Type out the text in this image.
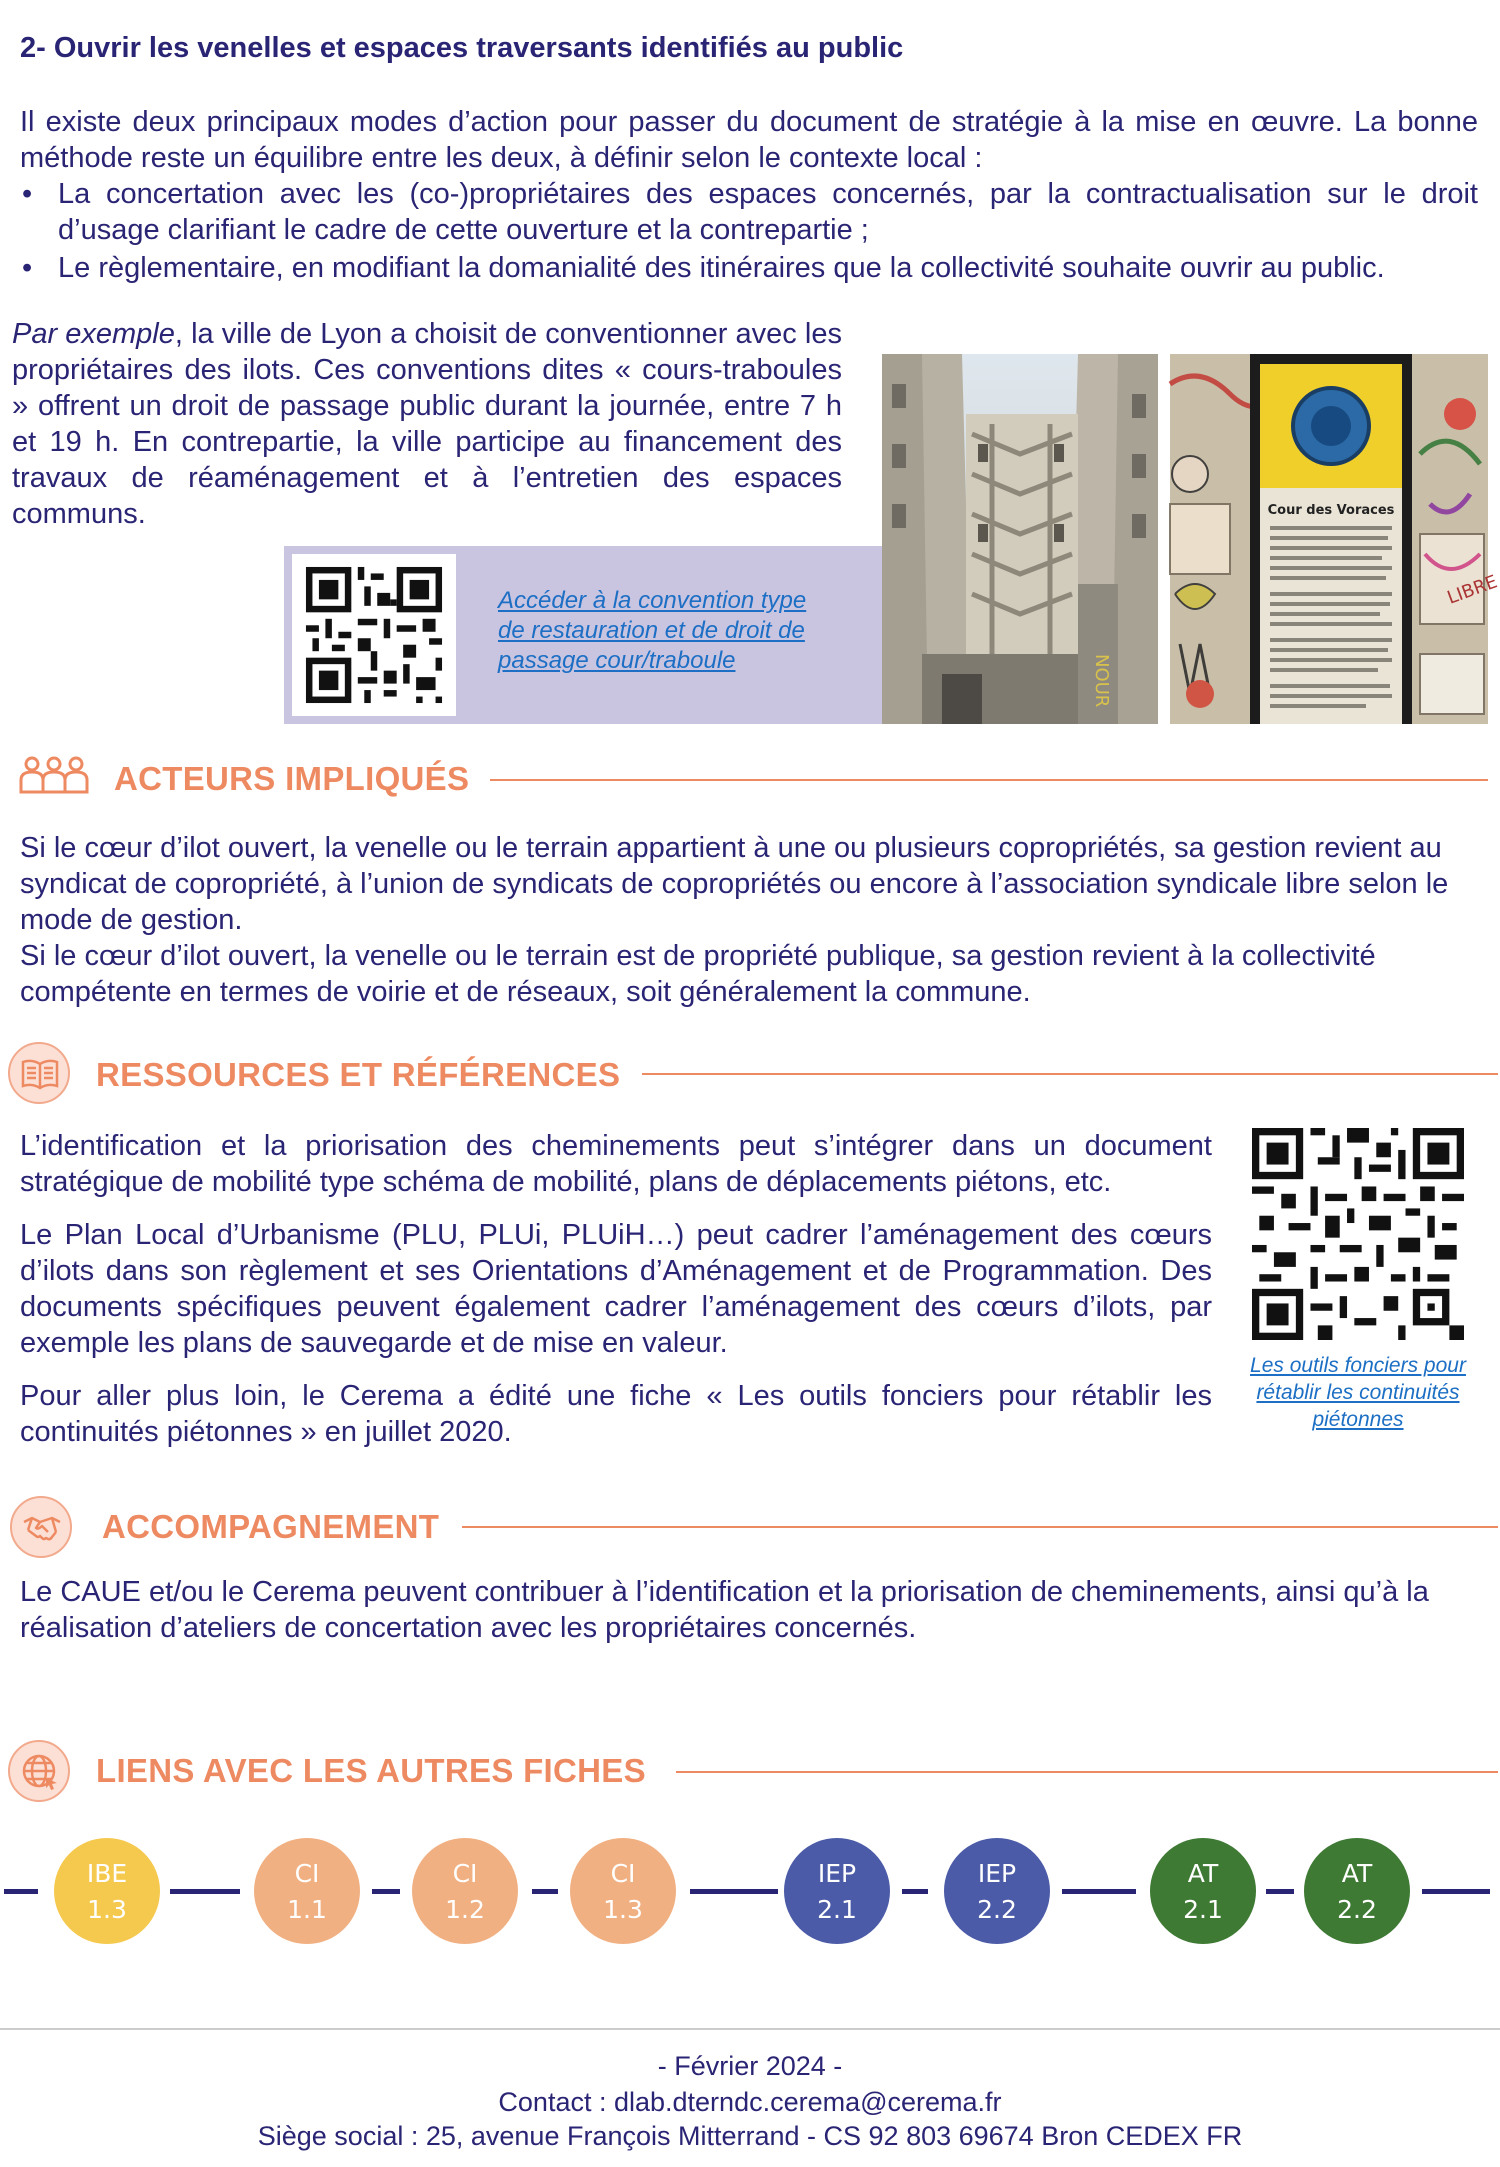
2- Ouvrir les venelles et espaces traversants identifiés au public
Il existe deux principaux modes d’action pour passer du document de stratégie à la mise en œuvre. La bonne méthode reste un équilibre entre les deux, à définir selon le contexte local :
• La concertation avec les (co-)propriétaires des espaces concernés, par la contractualisation sur le droit d’usage clarifiant le cadre de cette ouverture et la contrepartie ;
• Le règlementaire, en modifiant la domanialité des itinéraires que la collectivité souhaite ouvrir au public.
Par exemple, la ville de Lyon a choisit de conventionner avec les propriétaires des ilots. Ces conventions dites « cours-traboules » offrent un droit de passage public durant la journée, entre 7 h et 19 h. En contrepartie, la ville participe au financement des travaux de réaménagement et à l’entretien des espaces communs.
Accéder à la convention type de restauration et de droit de passage cour/traboule	NOUR
Cour des Voraces
LIBRE
ACTEURS IMPLIQUÉS
Si le cœur d’ilot ouvert, la venelle ou le terrain appartient à une ou plusieurs copropriétés, sa gestion revient au syndicat de copropriété, à l’union de syndicats de copropriétés ou encore à l’association syndicale libre selon le mode de gestion.
Si le cœur d’ilot ouvert, la venelle ou le terrain est de propriété publique, sa gestion revient à la collectivité compétente en termes de voirie et de réseaux, soit généralement la commune.
RESSOURCES ET RÉFÉRENCES
L’identification et la priorisation des cheminements peut s’intégrer dans un document stratégique de mobilité type schéma de mobilité, plans de déplacements piétons, etc.
Le Plan Local d’Urbanisme (PLU, PLUi, PLUiH…) peut cadrer l’aménagement des cœurs d’ilots dans son règlement et ses Orientations d’Aménagement et de Programmation. Des documents spécifiques peuvent également cadrer l’aménagement des cœurs d’ilots, par exemple les plans de sauvegarde et de mise en valeur.
Pour aller plus loin, le Cerema a édité une fiche « Les outils fonciers pour rétablir les continuités piétonnes » en juillet 2020.
Les outils fonciers pour rétablir les continuités piétonnes
ACCOMPAGNEMENT
Le CAUE et/ou le Cerema peuvent contribuer à l’identification et la priorisation de cheminements, ainsi qu’à la réalisation d’ateliers de concertation avec les propriétaires concernés.
LIENS AVEC LES AUTRES FICHES
IBE
1.3
CI
1.1
CI
1.2
CI
1.3
IEP
2.1
IEP
2.2
AT
2.1
AT
2.2
- Février 2024 -
Contact : dlab.dterndc.cerema@cerema.fr
Siège social : 25, avenue François Mitterrand - CS 92 803 69674 Bron CEDEX FR
